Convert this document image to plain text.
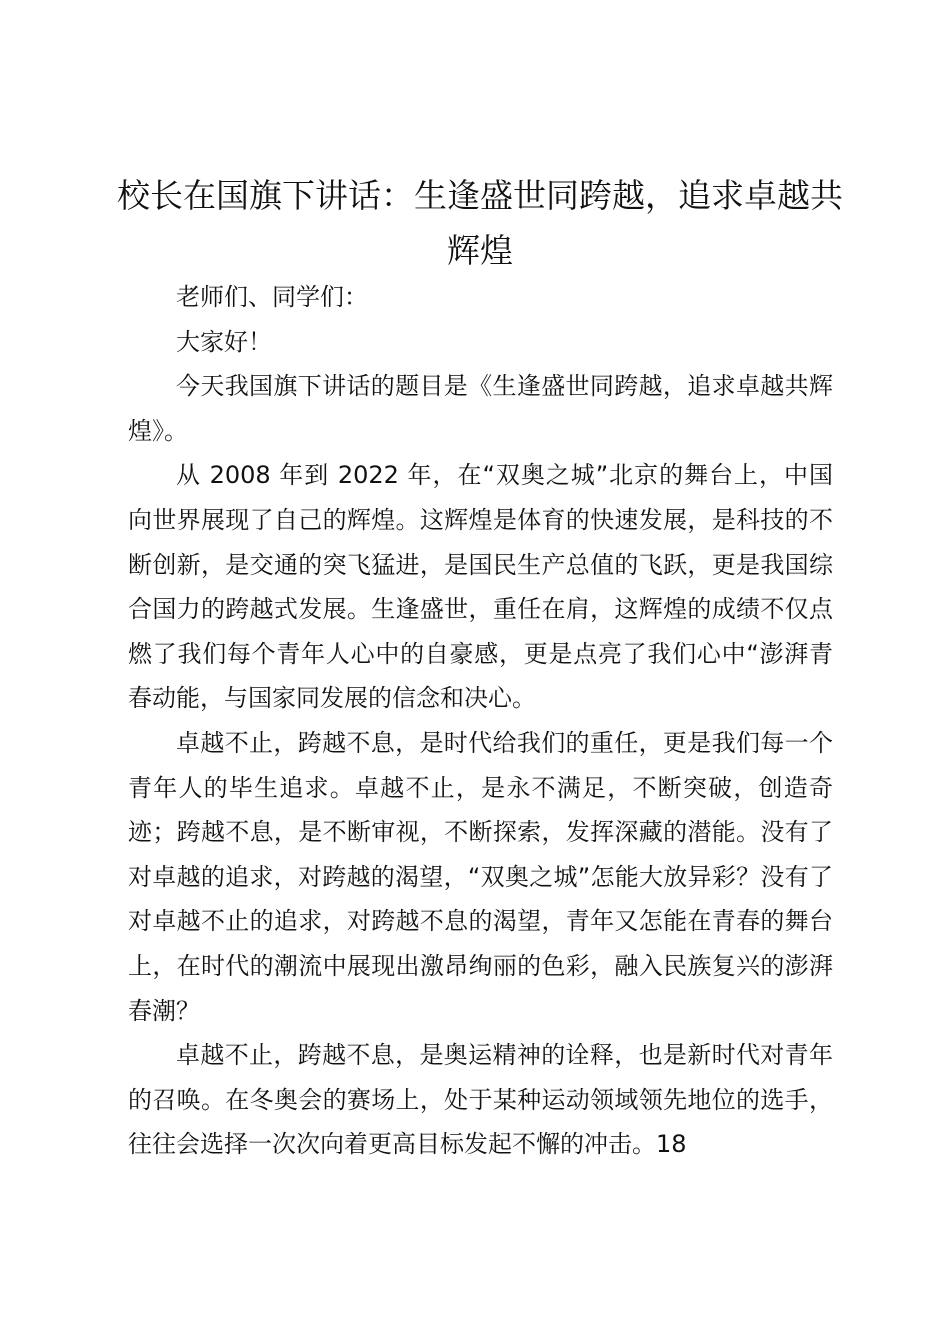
校长在国旗下讲话：生逢盛世同跨越，追求卓越共辉煌

老师们、同学们：

大家好！

今天我国旗下讲话的题目是《生逢盛世同跨越，追求卓越共辉煌》。

从 2008 年到 2022 年，在“双奥之城”北京的舞台上，中国向世界展现了自己的辉煌。这辉煌是体育的快速发展，是科技的不断创新，是交通的突飞猛进，是国民生产总值的飞跃，更是我国综合国力的跨越式发展。生逢盛世，重任在肩，这辉煌的成绩不仅点燃了我们每个青年人心中的自豪感，更是点亮了我们心中“澎湃青春动能，与国家同发展的信念和决心。

卓越不止，跨越不息，是时代给我们的重任，更是我们每一个青年人的毕生追求。卓越不止，是永不满足，不断突破，创造奇迹；跨越不息，是不断审视，不断探索，发挥深藏的潜能。没有了对卓越的追求，对跨越的渴望，“双奥之城”怎能大放异彩？没有了对卓越不止的追求，对跨越不息的渴望，青年又怎能在青春的舞台上，在时代的潮流中展现出激昂绚丽的色彩，融入民族复兴的澎湃春潮？

卓越不止，跨越不息，是奥运精神的诠释，也是新时代对青年的召唤。在冬奥会的赛场上，处于某种运动领域领先地位的选手，往往会选择一次次向着更高目标发起不懈的冲击。18
